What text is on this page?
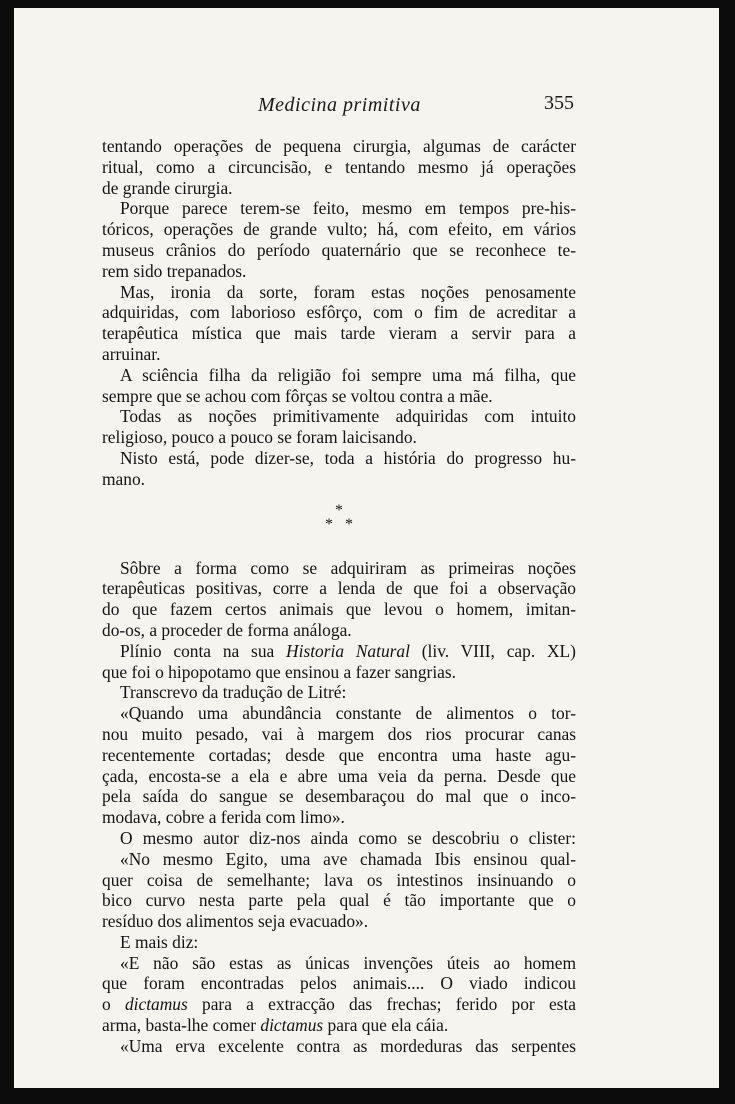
Medicina primitiva	355
tentando operações de pequena cirurgia, algumas de carácter
ritual, como a circuncisão, e tentando mesmo já operações
de grande cirurgia.
Porque parece terem-se feito, mesmo em tempos pre-his-
tóricos, operações de grande vulto; há, com efeito, em vários
museus crânios do período quaternário que se reconhece te-
rem sido trepanados.
Mas, ironia da sorte, foram estas noções penosamente
adquiridas, com laborioso esfôrço, com o fim de acreditar a
terapêutica mística que mais tarde vieram a servir para a
arruinar.
A sciência filha da religião foi sempre uma má filha, que
sempre que se achou com fôrças se voltou contra a mãe.
Todas as noções primitivamente adquiridas com intuito
religioso, pouco a pouco se foram laicisando.
Nisto está, pode dizer-se, toda a história do progresso hu-
mano.
*
*   *
Sôbre a forma como se adquiriram as primeiras noções
terapêuticas positivas, corre a lenda de que foi a observação
do que fazem certos animais que levou o homem, imitan-
do-os, a proceder de forma análoga.
Plínio conta na sua Historia Natural (liv. VIII, cap. XL)
que foi o hipopotamo que ensinou a fazer sangrias.
Transcrevo da tradução de Litré:
«Quando uma abundância constante de alimentos o tor-
nou muito pesado, vai à margem dos rios procurar canas
recentemente cortadas; desde que encontra uma haste agu-
çada, encosta-se a ela e abre uma veia da perna. Desde que
pela saída do sangue se desembaraçou do mal que o inco-
modava, cobre a ferida com limo».
O mesmo autor diz-nos ainda como se descobriu o clister:
«No mesmo Egito, uma ave chamada Ibis ensinou qual-
quer coisa de semelhante; lava os intestinos insinuando o
bico curvo nesta parte pela qual é tão importante que o
resíduo dos alimentos seja evacuado».
E mais diz:
«E não são estas as únicas invenções úteis ao homem
que foram encontradas pelos animais.... O viado indicou
o dictamus para a extracção das frechas; ferido por esta
arma, basta-lhe comer dictamus para que ela cáia.
«Uma erva excelente contra as mordeduras das serpentes
